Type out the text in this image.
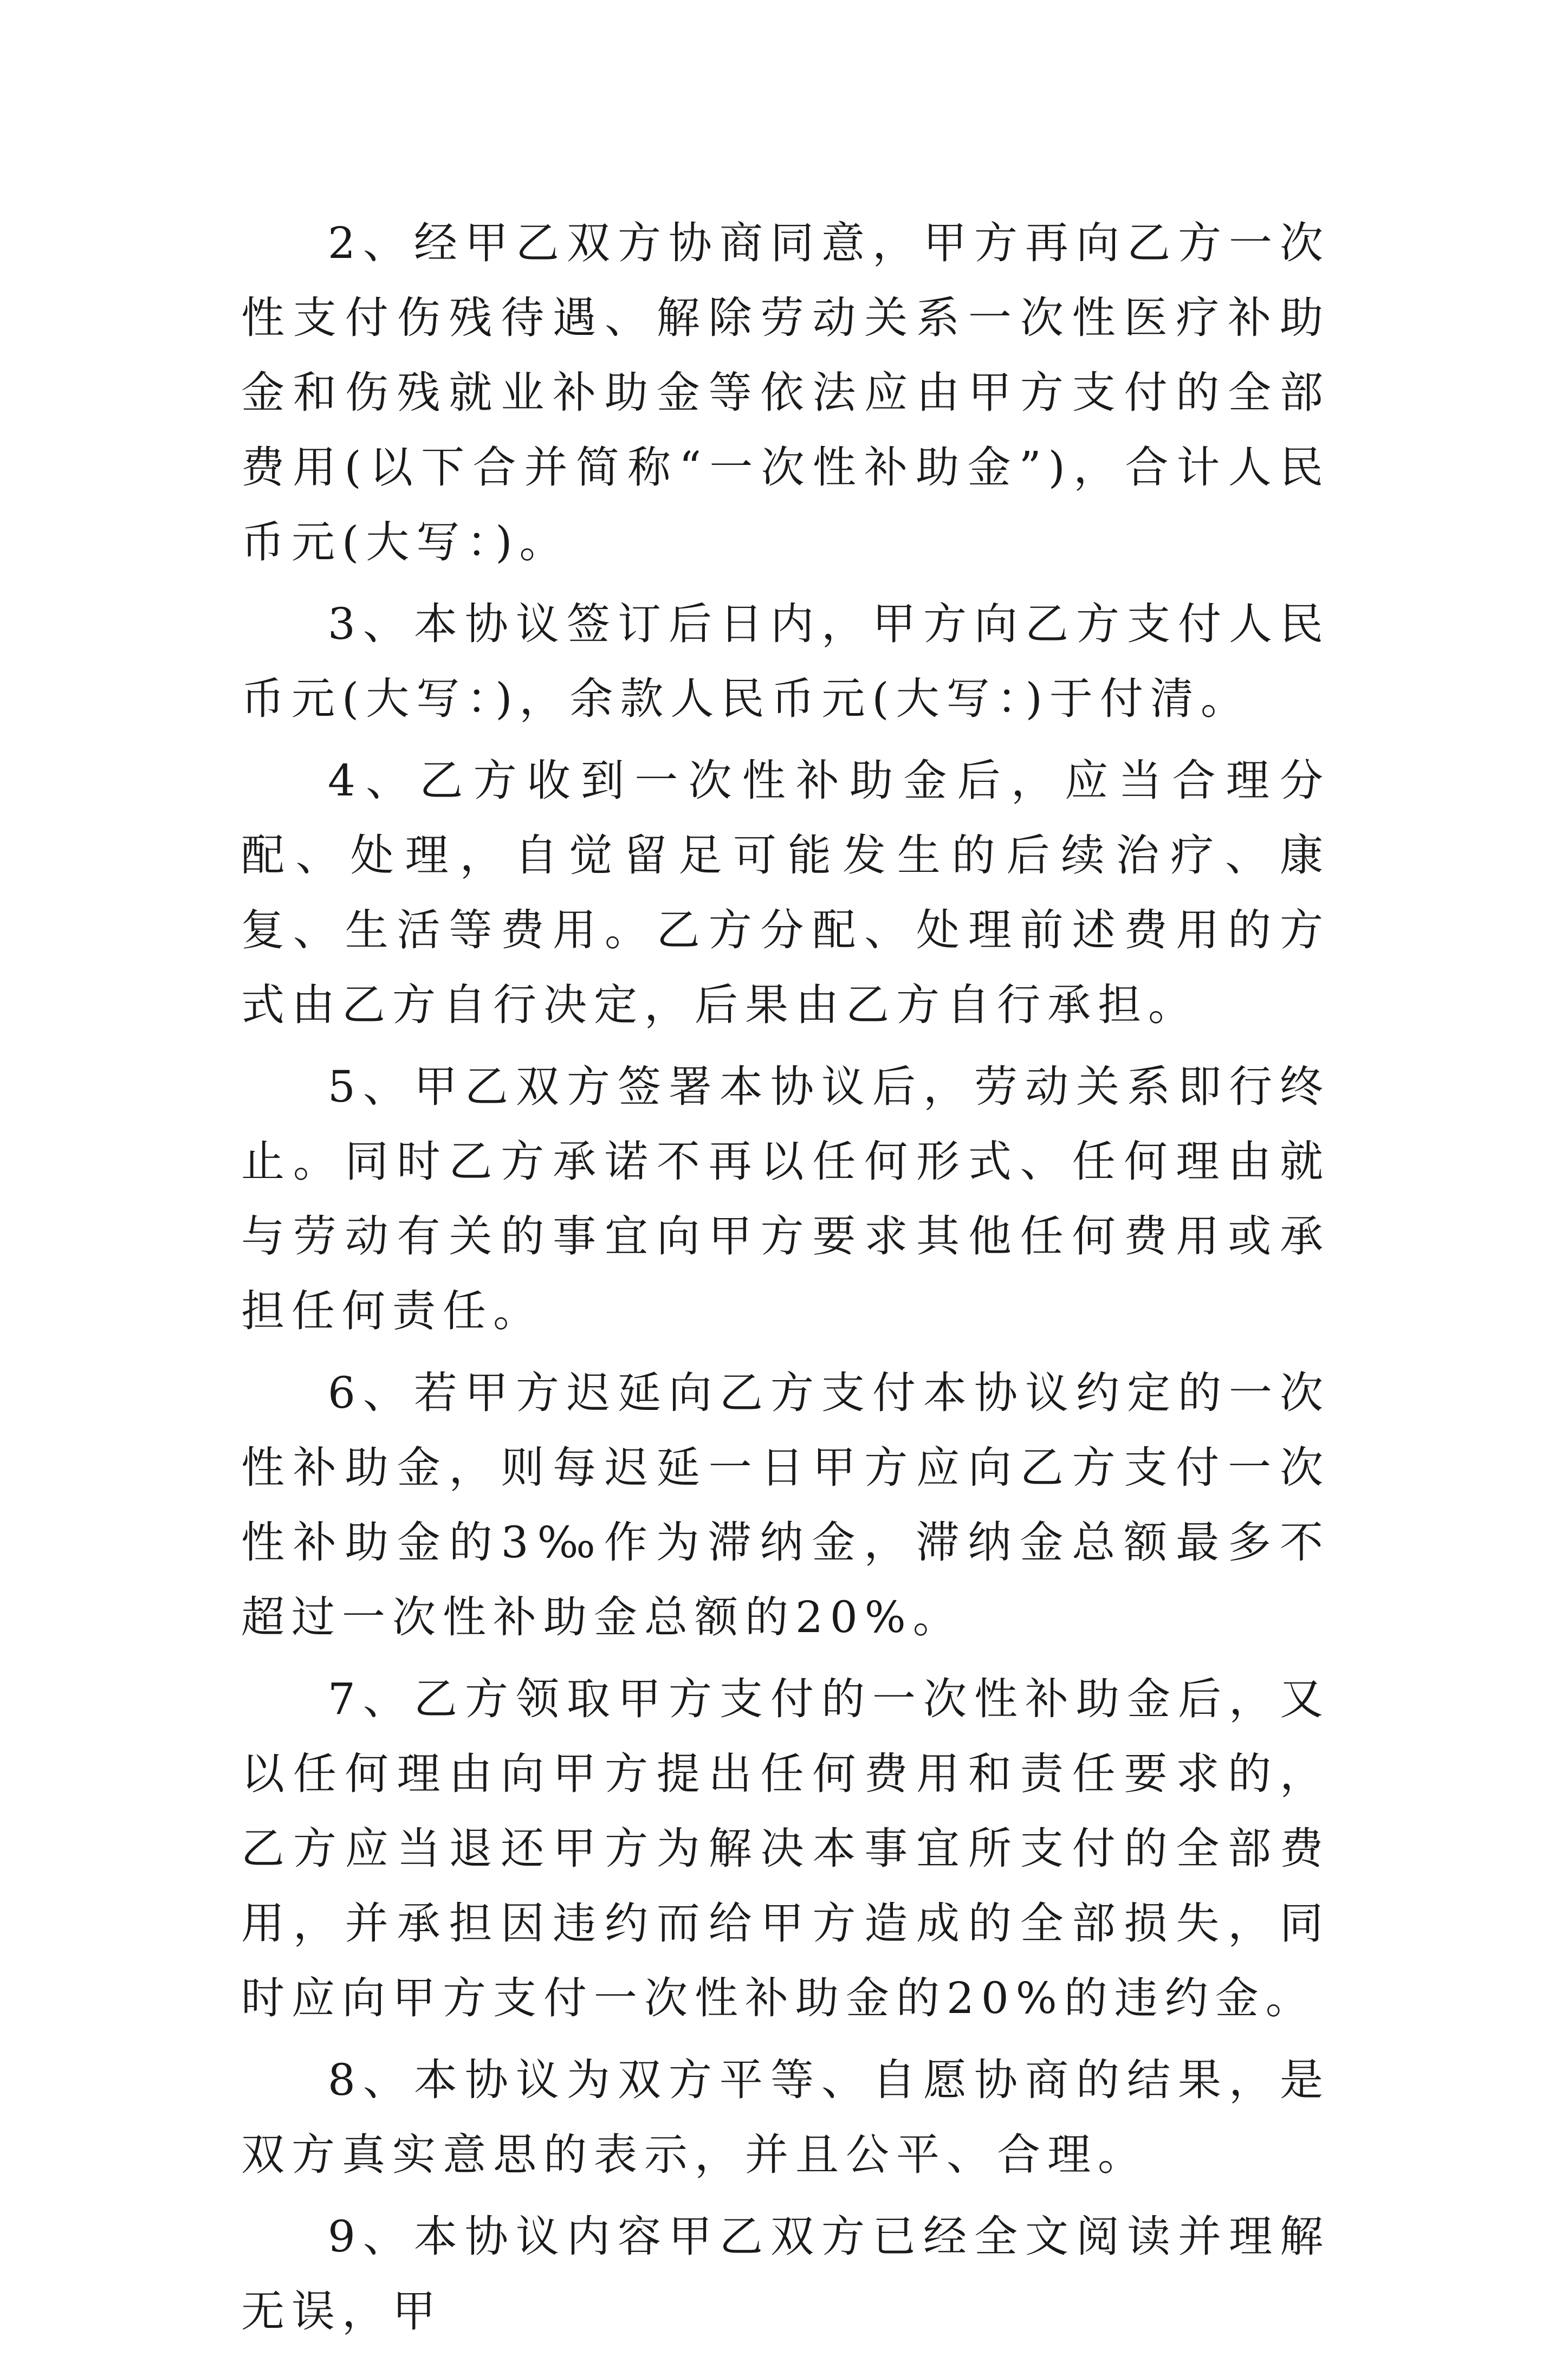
2、经甲乙双方协商同意，甲方再向乙方一次性支付伤残待遇、解除劳动关系一次性医疗补助金和伤残就业补助金等依法应由甲方支付的全部费用(以下合并简称“一次性补助金”)，合计人民币元(大写：)。

3、本协议签订后日内，甲方向乙方支付人民币元(大写：)，余款人民币元(大写：)于付清。

4、乙方收到一次性补助金后，应当合理分配、处理，自觉留足可能发生的后续治疗、康复、生活等费用。乙方分配、处理前述费用的方式由乙方自行决定，后果由乙方自行承担。

5、甲乙双方签署本协议后，劳动关系即行终止。同时乙方承诺不再以任何形式、任何理由就与劳动有关的事宜向甲方要求其他任何费用或承担任何责任。

6、若甲方迟延向乙方支付本协议约定的一次性补助金，则每迟延一日甲方应向乙方支付一次性补助金的3‰作为滞纳金，滞纳金总额最多不超过一次性补助金总额的20%。

7、乙方领取甲方支付的一次性补助金后，又以任何理由向甲方提出任何费用和责任要求的，乙方应当退还甲方为解决本事宜所支付的全部费用，并承担因违约而给甲方造成的全部损失，同时应向甲方支付一次性补助金的20%的违约金。

8、本协议为双方平等、自愿协商的结果，是双方真实意思的表示，并且公平、合理。

9、本协议内容甲乙双方已经全文阅读并理解无误，甲
